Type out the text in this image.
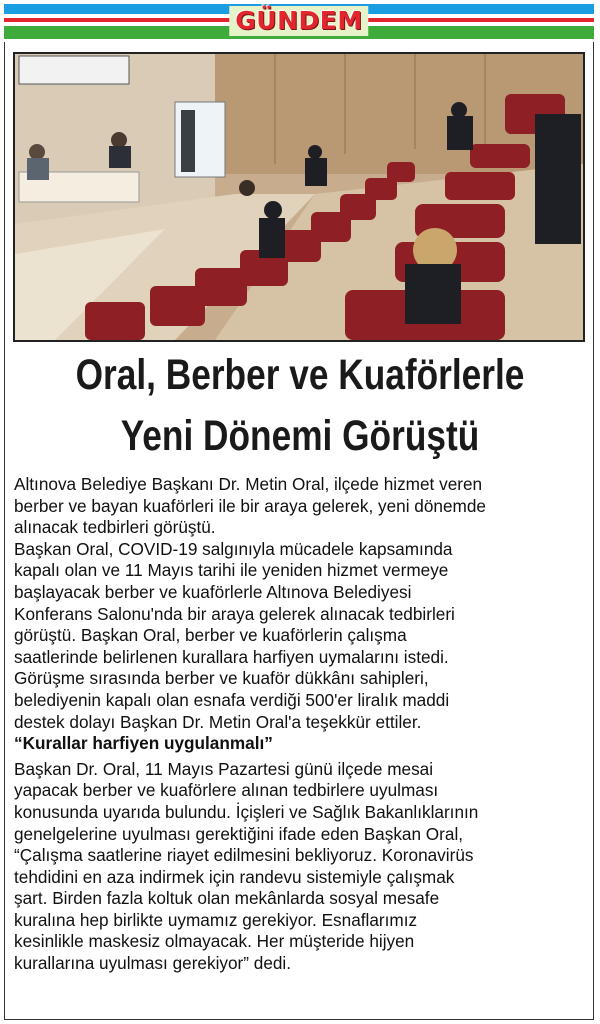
GÜNDEM
Oral, Berber ve Kuaförlerle
Yeni Dönemi Görüştü

Altınova Belediye Başkanı Dr. Metin Oral, ilçede hizmet veren
berber ve bayan kuaförleri ile bir araya gelerek, yeni dönemde
alınacak tedbirleri görüştü.

Başkan Oral, COVID-19 salgınıyla mücadele kapsamında
kapalı olan ve 11 Mayıs tarihi ile yeniden hizmet vermeye
başlayacak berber ve kuaförlerle Altınova Belediyesi
Konferans Salonu'nda bir araya gelerek alınacak tedbirleri
görüştü. Başkan Oral, berber ve kuaförlerin çalışma
saatlerinde belirlenen kurallara harfiyen uymalarını istedi.
Görüşme sırasında berber ve kuaför dükkânı sahipleri,
belediyenin kapalı olan esnafa verdiği 500'er liralık maddi
destek dolayı Başkan Dr. Metin Oral'a teşekkür ettiler.

“Kurallar harfiyen uygulanmalı”

Başkan Dr. Oral, 11 Mayıs Pazartesi günü ilçede mesai
yapacak berber ve kuaförlere alınan tedbirlere uyulması
konusunda uyarıda bulundu. İçişleri ve Sağlık Bakanlıklarının
genelgelerine uyulması gerektiğini ifade eden Başkan Oral,
“Çalışma saatlerine riayet edilmesini bekliyoruz. Koronavirüs
tehdidini en aza indirmek için randevu sistemiyle çalışmak
şart. Birden fazla koltuk olan mekânlarda sosyal mesafe
kuralına hep birlikte uymamız gerekiyor. Esnaflarımız
kesinlikle maskesiz olmayacak. Her müşteride hijyen
kurallarına uyulması gerekiyor” dedi.
